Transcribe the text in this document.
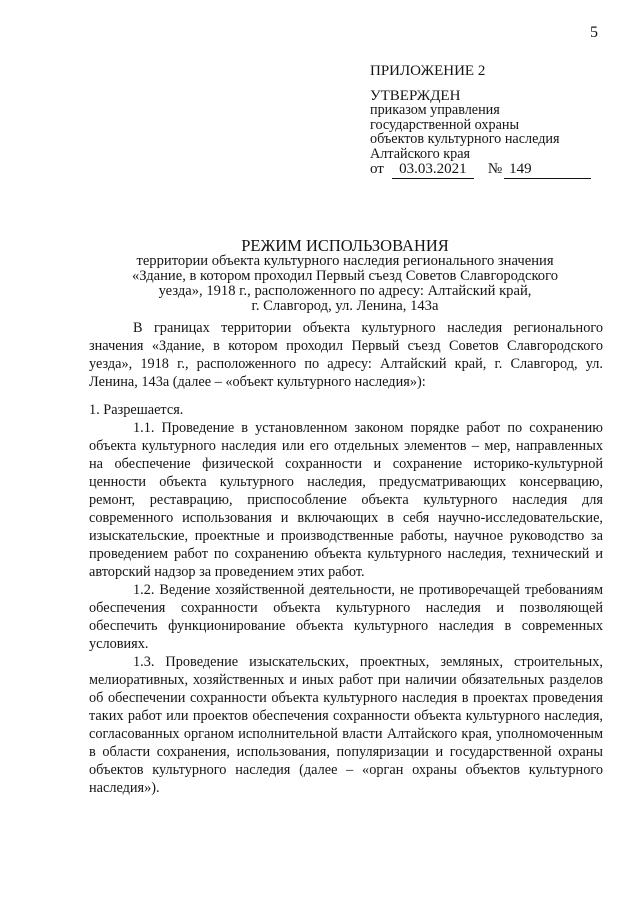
5
ПРИЛОЖЕНИЕ 2
УТВЕРЖДЕН
приказом управления
государственной охраны
объектов культурного наследия
Алтайского края
от 03.03.2021 № 149
РЕЖИМ ИСПОЛЬЗОВАНИЯ
территории объекта культурного наследия регионального значения
«Здание, в котором проходил Первый съезд Советов Славгородского
уезда», 1918 г., расположенного по адресу: Алтайский край,
г. Славгород, ул. Ленина, 143а

В границах территории объекта культурного наследия регионального значения «Здание, в котором проходил Первый съезд Советов Славгородского уезда», 1918 г., расположенного по адресу: Алтайский край, г. Славгород, ул. Ленина, 143а (далее – «объект культурного наследия»):

1. Разрешается.

1.1. Проведение в установленном законом порядке работ по сохранению объекта культурного наследия или его отдельных элементов – мер, направленных на обеспечение физической сохранности и сохранение историко-культурной ценности объекта культурного наследия, предусматривающих консервацию, ремонт, реставрацию, приспособление объекта культурного наследия для современного использования и включающих в себя научно-исследовательские, изыскательские, проектные и производственные работы, научное руководство за проведением работ по сохранению объекта культурного наследия, технический и авторский надзор за проведением этих работ.

1.2. Ведение хозяйственной деятельности, не противоречащей требованиям обеспечения сохранности объекта культурного наследия и позволяющей обеспечить функционирование объекта культурного наследия в современных условиях.

1.3. Проведение изыскательских, проектных, земляных, строительных, мелиоративных, хозяйственных и иных работ при наличии обязательных разделов об обеспечении сохранности объекта культурного наследия в проектах проведения таких работ или проектов обеспечения сохранности объекта культурного наследия, согласованных органом исполнительной власти Алтайского края, уполномоченным в области сохранения, использования, популяризации и государственной охраны объектов культурного наследия (далее – «орган охраны объектов культурного наследия»).
